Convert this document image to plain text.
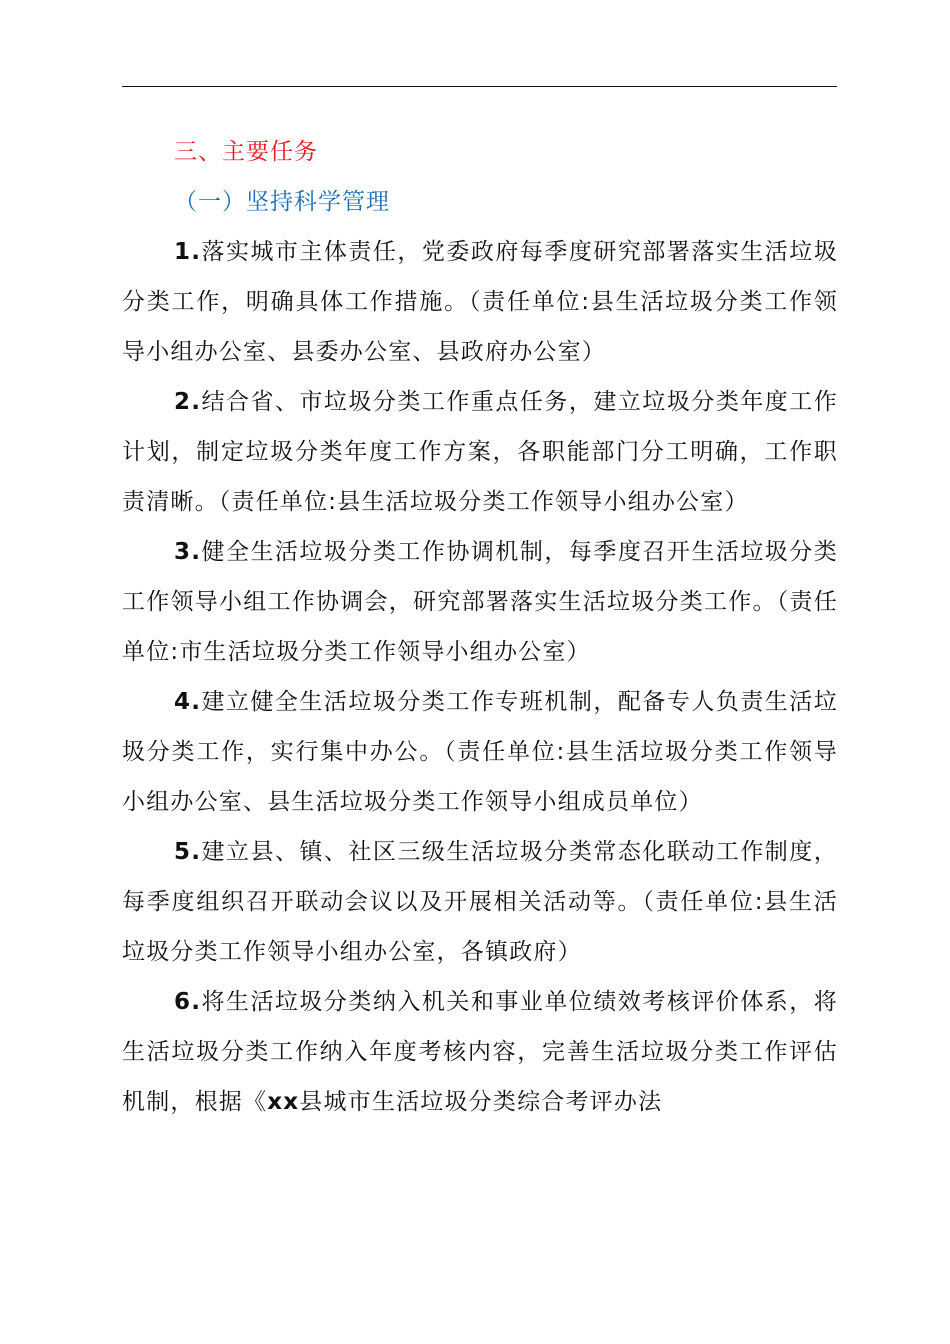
三、主要任务

（一）坚持科学管理

1.落实城市主体责任，党委政府每季度研究部署落实生活垃圾分类工作，明确具体工作措施。（责任单位:县生活垃圾分类工作领导小组办公室、县委办公室、县政府办公室）

2.结合省、市垃圾分类工作重点任务，建立垃圾分类年度工作计划，制定垃圾分类年度工作方案，各职能部门分工明确，工作职责清晰。（责任单位:县生活垃圾分类工作领导小组办公室）

3.健全生活垃圾分类工作协调机制，每季度召开生活垃圾分类工作领导小组工作协调会，研究部署落实生活垃圾分类工作。（责任单位:市生活垃圾分类工作领导小组办公室）

4.建立健全生活垃圾分类工作专班机制，配备专人负责生活垃圾分类工作，实行集中办公。（责任单位:县生活垃圾分类工作领导小组办公室、县生活垃圾分类工作领导小组成员单位）

5.建立县、镇、社区三级生活垃圾分类常态化联动工作制度，每季度组织召开联动会议以及开展相关活动等。（责任单位:县生活垃圾分类工作领导小组办公室，各镇政府）

6.将生活垃圾分类纳入机关和事业单位绩效考核评价体系，将生活垃圾分类工作纳入年度考核内容，完善生活垃圾分类工作评估机制，根据《xx县城市生活垃圾分类综合考评办法
